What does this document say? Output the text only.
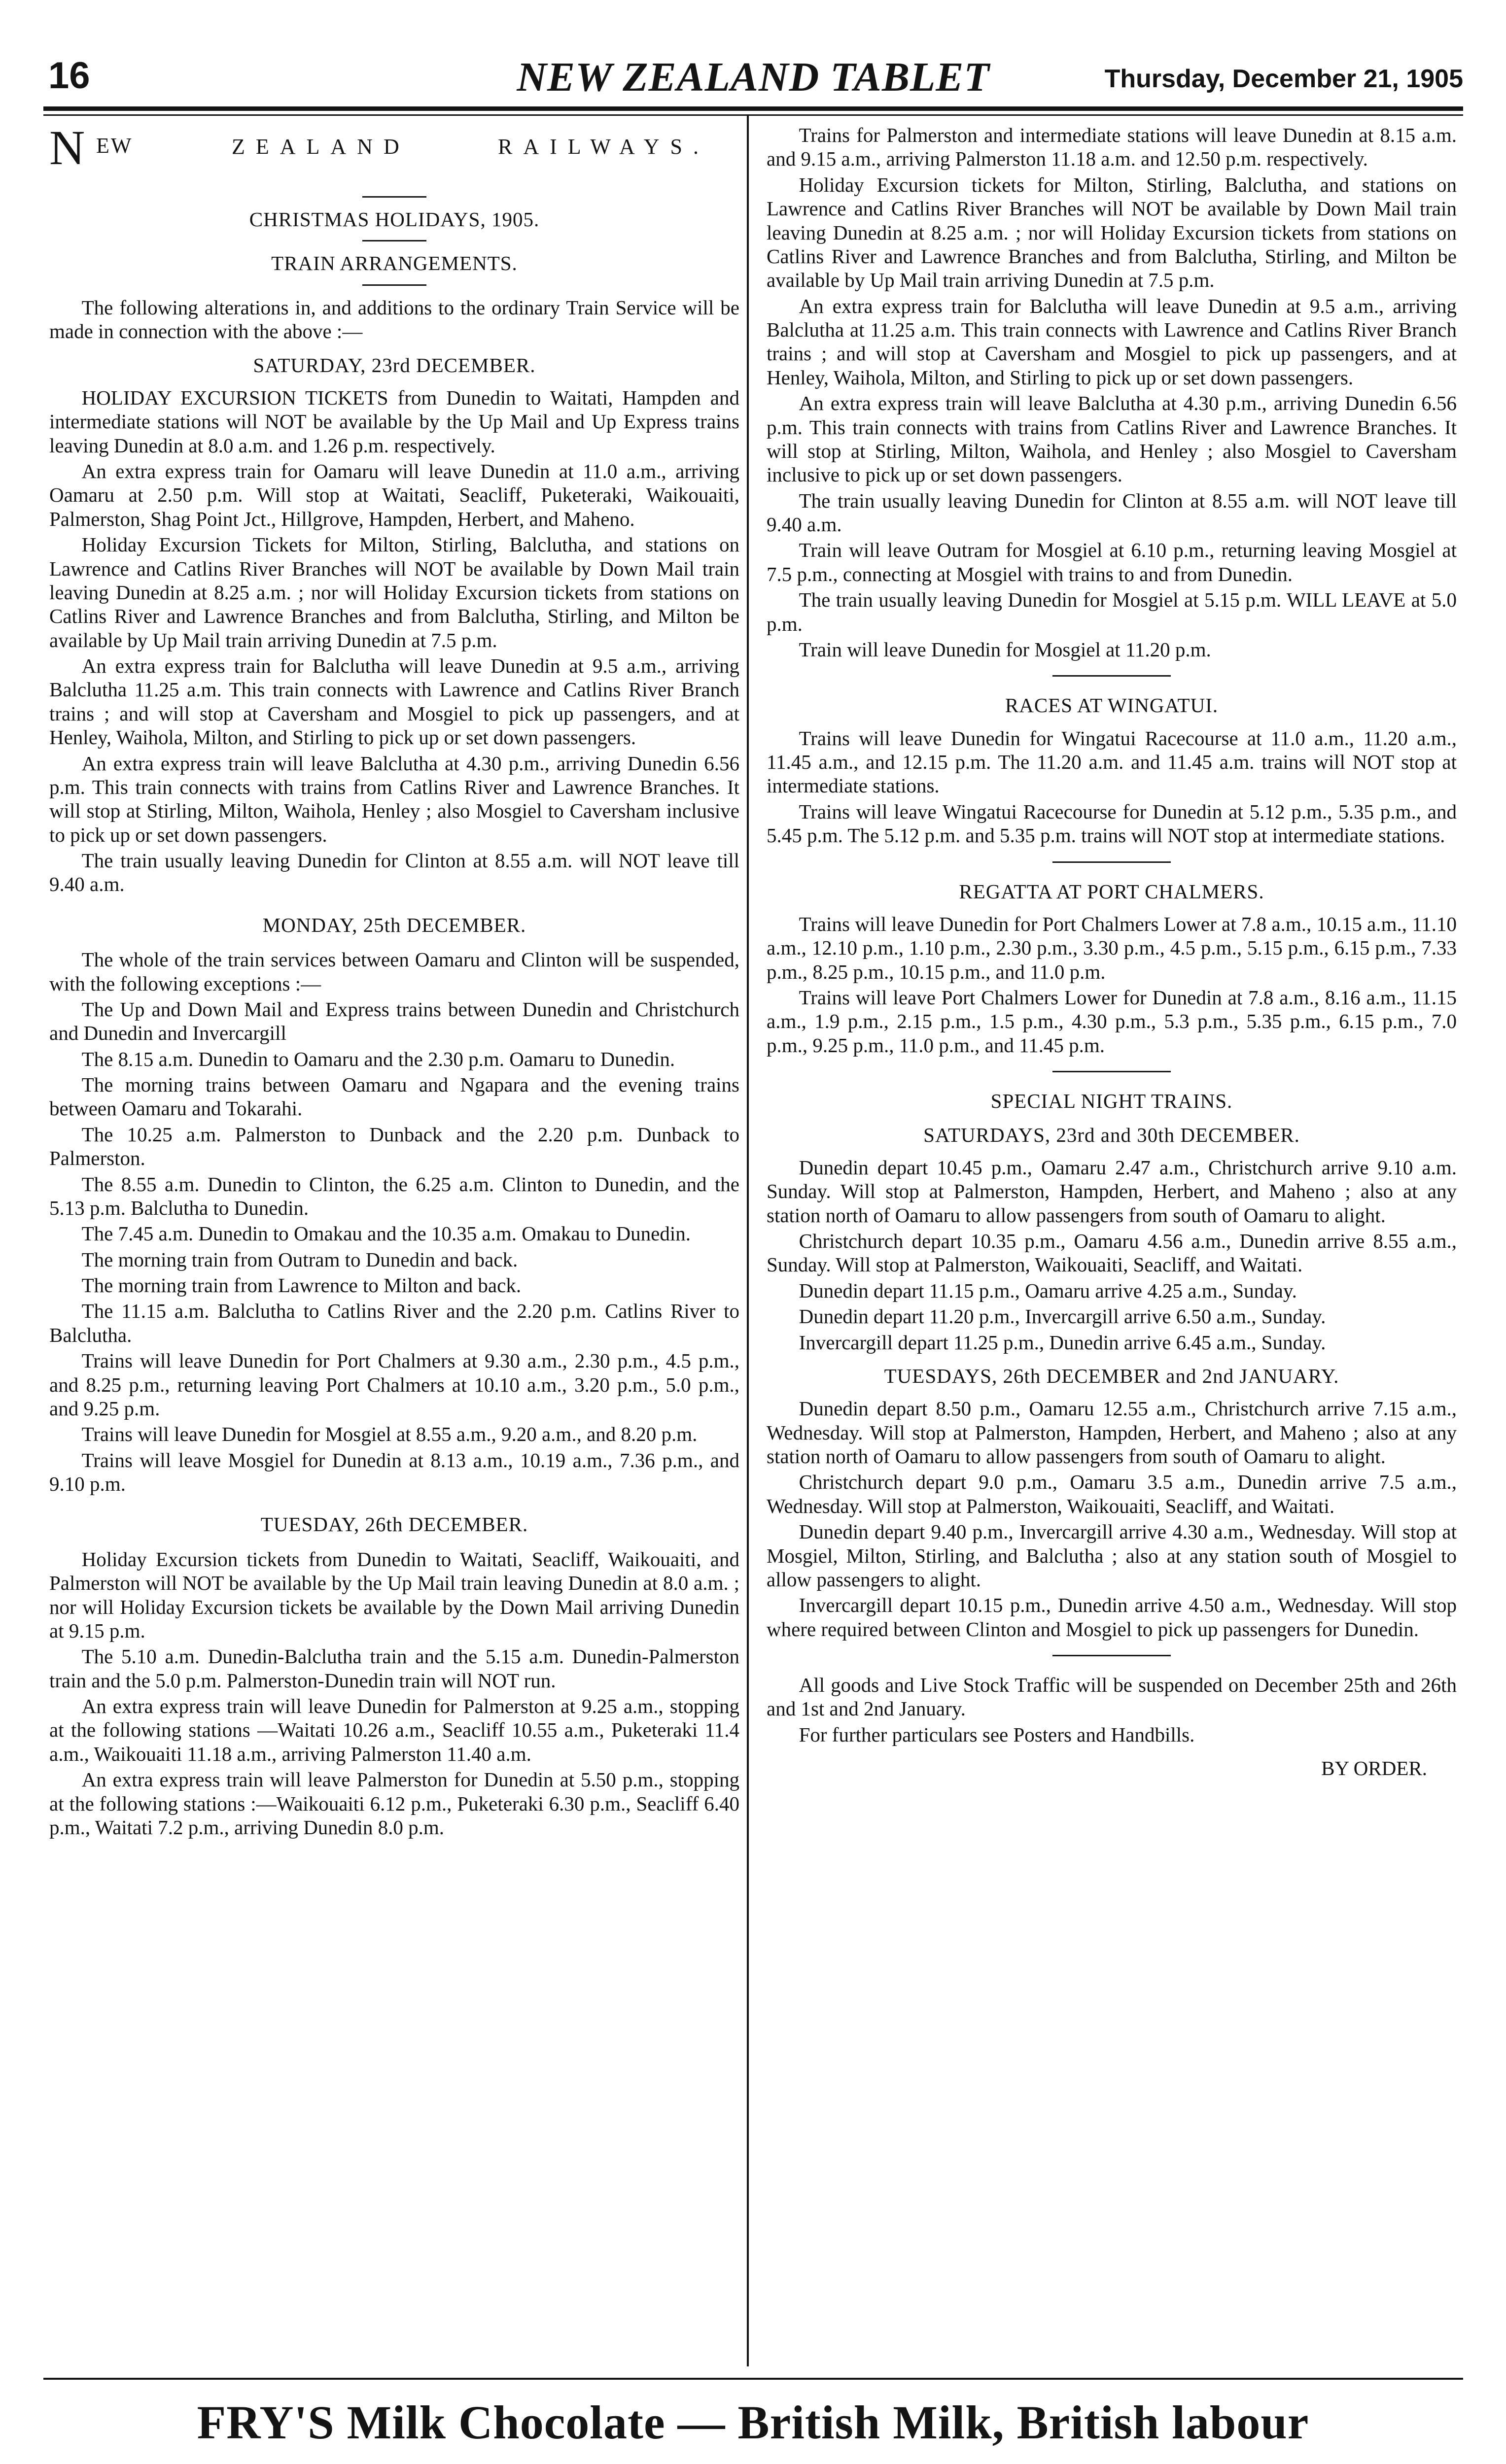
16	NEW ZEALAND TABLET	Thursday, December 21, 1905
N EW	ZEALAND	RAILWAYS.
CHRISTMAS HOLIDAYS, 1905.
TRAIN ARRANGEMENTS.

The following alterations in, and additions to the ordinary Train Service will be made in connection with the above :—

SATURDAY, 23rd DECEMBER.

HOLIDAY EXCURSION TICKETS from Dunedin to Waitati, Hampden and intermediate stations will NOT be available by the Up Mail and Up Express trains leaving Dunedin at 8.0 a.m. and 1.26 p.m. respectively.

An extra express train for Oamaru will leave Dunedin at 11.0 a.m., arriving Oamaru at 2.50 p.m. Will stop at Waitati, Seacliff, Puketeraki, Waikouaiti, Palmerston, Shag Point Jct., Hillgrove, Hampden, Herbert, and Maheno.

Holiday Excursion Tickets for Milton, Stirling, Balclutha, and stations on Lawrence and Catlins River Branches will NOT be available by Down Mail train leaving Dunedin at 8.25 a.m. ; nor will Holiday Excursion tickets from stations on Catlins River and Lawrence Branches and from Balclutha, Stirling, and Milton be available by Up Mail train arriving Dunedin at 7.5 p.m.

An extra express train for Balclutha will leave Dunedin at 9.5 a.m., arriving Balclutha 11.25 a.m. This train connects with Lawrence and Catlins River Branch trains ; and will stop at Caversham and Mosgiel to pick up passengers, and at Henley, Waihola, Milton, and Stirling to pick up or set down passengers.

An extra express train will leave Balclutha at 4.30 p.m., arriving Dunedin 6.56 p.m. This train connects with trains from Catlins River and Lawrence Branches. It will stop at Stirling, Milton, Waihola, Henley ; also Mosgiel to Caversham inclusive to pick up or set down passengers.

The train usually leaving Dunedin for Clinton at 8.55 a.m. will NOT leave till 9.40 a.m.

MONDAY, 25th DECEMBER.

The whole of the train services between Oamaru and Clinton will be suspended, with the following exceptions :—

The Up and Down Mail and Express trains between Dunedin and Christchurch and Dunedin and Invercargill

The 8.15 a.m. Dunedin to Oamaru and the 2.30 p.m. Oamaru to Dunedin.

The morning trains between Oamaru and Ngapara and the evening trains between Oamaru and Tokarahi.

The 10.25 a.m. Palmerston to Dunback and the 2.20 p.m. Dunback to Palmerston.

The 8.55 a.m. Dunedin to Clinton, the 6.25 a.m. Clinton to Dunedin, and the 5.13 p.m. Balclutha to Dunedin.

The 7.45 a.m. Dunedin to Omakau and the 10.35 a.m. Omakau to Dunedin.

The morning train from Outram to Dunedin and back.

The morning train from Lawrence to Milton and back.

The 11.15 a.m. Balclutha to Catlins River and the 2.20 p.m. Catlins River to Balclutha.

Trains will leave Dunedin for Port Chalmers at 9.30 a.m., 2.30 p.m., 4.5 p.m., and 8.25 p.m., returning leaving Port Chalmers at 10.10 a.m., 3.20 p.m., 5.0 p.m., and 9.25 p.m.

Trains will leave Dunedin for Mosgiel at 8.55 a.m., 9.20 a.m., and 8.20 p.m.

Trains will leave Mosgiel for Dunedin at 8.13 a.m., 10.19 a.m., 7.36 p.m., and 9.10 p.m.

TUESDAY, 26th DECEMBER.

Holiday Excursion tickets from Dunedin to Waitati, Seacliff, Waikouaiti, and Palmerston will NOT be available by the Up Mail train leaving Dunedin at 8.0 a.m. ; nor will Holiday Excursion tickets be available by the Down Mail arriving Dunedin at 9.15 p.m.

The 5.10 a.m. Dunedin-Balclutha train and the 5.15 a.m. Dunedin-Palmerston train and the 5.0 p.m. Palmerston-Dunedin train will NOT run.

An extra express train will leave Dunedin for Palmerston at 9.25 a.m., stopping at the following stations —Waitati 10.26 a.m., Seacliff 10.55 a.m., Puketeraki 11.4 a.m., Waikouaiti 11.18 a.m., arriving Palmerston 11.40 a.m.

An extra express train will leave Palmerston for Dunedin at 5.50 p.m., stopping at the following stations :—Waikouaiti 6.12 p.m., Puketeraki 6.30 p.m., Seacliff 6.40 p.m., Waitati 7.2 p.m., arriving Dunedin 8.0 p.m.

Trains for Palmerston and intermediate stations will leave Dunedin at 8.15 a.m. and 9.15 a.m., arriving Palmerston 11.18 a.m. and 12.50 p.m. respectively.

Holiday Excursion tickets for Milton, Stirling, Balclutha, and stations on Lawrence and Catlins River Branches will NOT be available by Down Mail train leaving Dunedin at 8.25 a.m. ; nor will Holiday Excursion tickets from stations on Catlins River and Lawrence Branches and from Balclutha, Stirling, and Milton be available by Up Mail train arriving Dunedin at 7.5 p.m.

An extra express train for Balclutha will leave Dunedin at 9.5 a.m., arriving Balclutha at 11.25 a.m. This train connects with Lawrence and Catlins River Branch trains ; and will stop at Caversham and Mosgiel to pick up passengers, and at Henley, Waihola, Milton, and Stirling to pick up or set down passengers.

An extra express train will leave Balclutha at 4.30 p.m., arriving Dunedin 6.56 p.m. This train connects with trains from Catlins River and Lawrence Branches. It will stop at Stirling, Milton, Waihola, and Henley ; also Mosgiel to Caversham inclusive to pick up or set down passengers.

The train usually leaving Dunedin for Clinton at 8.55 a.m. will NOT leave till 9.40 a.m.

Train will leave Outram for Mosgiel at 6.10 p.m., returning leaving Mosgiel at 7.5 p.m., connecting at Mosgiel with trains to and from Dunedin.

The train usually leaving Dunedin for Mosgiel at 5.15 p.m. WILL LEAVE at 5.0 p.m.

Train will leave Dunedin for Mosgiel at 11.20 p.m.

RACES AT WINGATUI.

Trains will leave Dunedin for Wingatui Racecourse at 11.0 a.m., 11.20 a.m., 11.45 a.m., and 12.15 p.m. The 11.20 a.m. and 11.45 a.m. trains will NOT stop at intermediate stations.

Trains will leave Wingatui Racecourse for Dunedin at 5.12 p.m., 5.35 p.m., and 5.45 p.m. The 5.12 p.m. and 5.35 p.m. trains will NOT stop at intermediate stations.

REGATTA AT PORT CHALMERS.

Trains will leave Dunedin for Port Chalmers Lower at 7.8 a.m., 10.15 a.m., 11.10 a.m., 12.10 p.m., 1.10 p.m., 2.30 p.m., 3.30 p.m., 4.5 p.m., 5.15 p.m., 6.15 p.m., 7.33 p.m., 8.25 p.m., 10.15 p.m., and 11.0 p.m.

Trains will leave Port Chalmers Lower for Dunedin at 7.8 a.m., 8.16 a.m., 11.15 a.m., 1.9 p.m., 2.15 p.m., 1.5 p.m., 4.30 p.m., 5.3 p.m., 5.35 p.m., 6.15 p.m., 7.0 p.m., 9.25 p.m., 11.0 p.m., and 11.45 p.m.

SPECIAL NIGHT TRAINS.
SATURDAYS, 23rd and 30th DECEMBER.

Dunedin depart 10.45 p.m., Oamaru 2.47 a.m., Christchurch arrive 9.10 a.m. Sunday. Will stop at Palmerston, Hampden, Herbert, and Maheno ; also at any station north of Oamaru to allow passengers from south of Oamaru to alight.

Christchurch depart 10.35 p.m., Oamaru 4.56 a.m., Dunedin arrive 8.55 a.m., Sunday. Will stop at Palmerston, Waikouaiti, Seacliff, and Waitati.

Dunedin depart 11.15 p.m., Oamaru arrive 4.25 a.m., Sunday.

Dunedin depart 11.20 p.m., Invercargill arrive 6.50 a.m., Sunday.

Invercargill depart 11.25 p.m., Dunedin arrive 6.45 a.m., Sunday.

TUESDAYS, 26th DECEMBER and 2nd JANUARY.

Dunedin depart 8.50 p.m., Oamaru 12.55 a.m., Christchurch arrive 7.15 a.m., Wednesday. Will stop at Palmerston, Hampden, Herbert, and Maheno ; also at any station north of Oamaru to allow passengers from south of Oamaru to alight.

Christchurch depart 9.0 p.m., Oamaru 3.5 a.m., Dunedin arrive 7.5 a.m., Wednesday. Will stop at Palmerston, Waikouaiti, Seacliff, and Waitati.

Dunedin depart 9.40 p.m., Invercargill arrive 4.30 a.m., Wednesday. Will stop at Mosgiel, Milton, Stirling, and Balclutha ; also at any station south of Mosgiel to allow passengers to alight.

Invercargill depart 10.15 p.m., Dunedin arrive 4.50 a.m., Wednesday. Will stop where required between Clinton and Mosgiel to pick up passengers for Dunedin.

All goods and Live Stock Traffic will be suspended on December 25th and 26th and 1st and 2nd January.

For further particulars see Posters and Handbills.

BY ORDER.
FRY'S Milk Chocolate — British Milk, British labour
